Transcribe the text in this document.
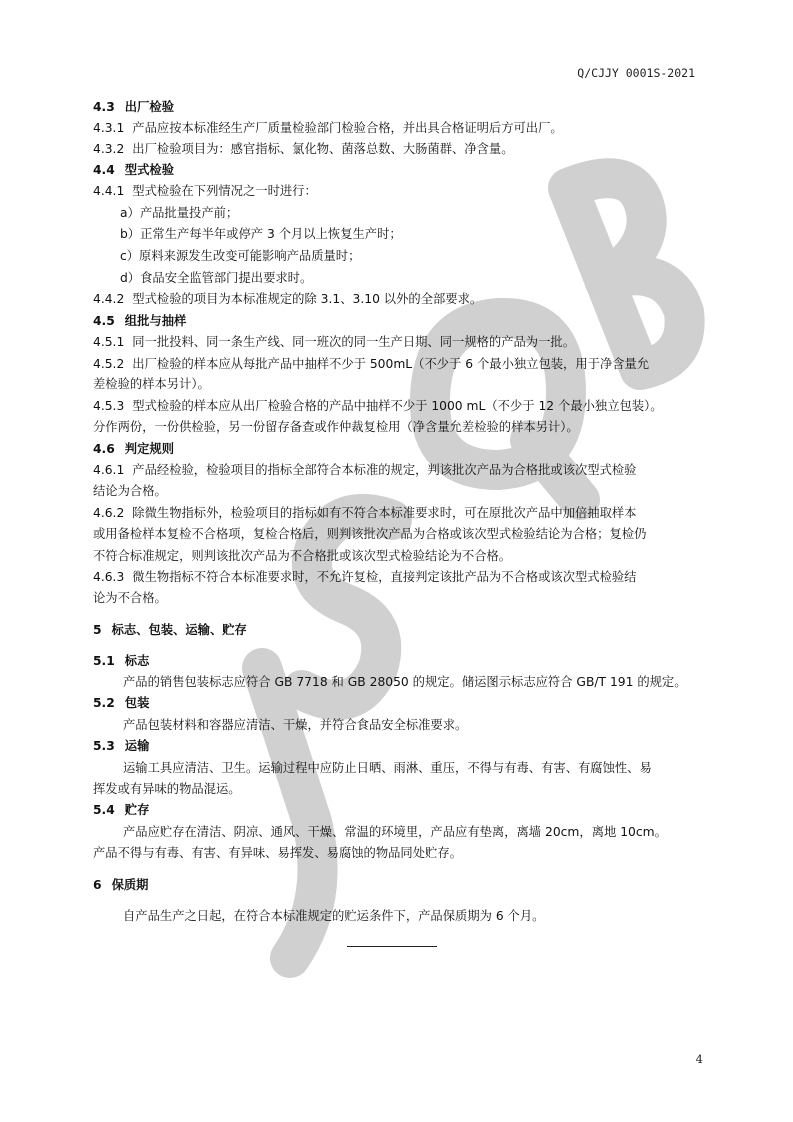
Q/CJJY 0001S-2021
4.3 出厂检验
4.3.1 产品应按本标准经生产厂质量检验部门检验合格，并出具合格证明后方可出厂。
4.3.2 出厂检验项目为：感官指标、氯化物、菌落总数、大肠菌群、净含量。
4.4 型式检验
4.4.1 型式检验在下列情况之一时进行：
a）产品批量投产前；
b）正常生产每半年或停产 3 个月以上恢复生产时；
c）原料来源发生改变可能影响产品质量时；
d）食品安全监管部门提出要求时。
4.4.2 型式检验的项目为本标准规定的除 3.1、3.10 以外的全部要求。
4.5 组批与抽样
4.5.1 同一批投料、同一条生产线、同一班次的同一生产日期、同一规格的产品为一批。
4.5.2 出厂检验的样本应从每批产品中抽样不少于 500mL（不少于 6 个最小独立包装，用于净含量允
差检验的样本另计）。
4.5.3 型式检验的样本应从出厂检验合格的产品中抽样不少于 1000 mL（不少于 12 个最小独立包装）。
分作两份，一份供检验，另一份留存备查或作仲裁复检用（净含量允差检验的样本另计）。
4.6 判定规则
4.6.1 产品经检验，检验项目的指标全部符合本标准的规定，判该批次产品为合格批或该次型式检验
结论为合格。
4.6.2 除微生物指标外，检验项目的指标如有不符合本标准要求时，可在原批次产品中加倍抽取样本
或用备检样本复检不合格项，复检合格后，则判该批次产品为合格或该次型式检验结论为合格；复检仍
不符合标准规定，则判该批次产品为不合格批或该次型式检验结论为不合格。
4.6.3 微生物指标不符合本标准要求时，不允许复检，直接判定该批产品为不合格或该次型式检验结
论为不合格。
5 标志、包装、运输、贮存
5.1 标志
产品的销售包装标志应符合 GB 7718 和 GB 28050 的规定。储运图示标志应符合 GB/T 191 的规定。
5.2 包装
产品包装材料和容器应清洁、干燥，并符合食品安全标准要求。
5.3 运输
运输工具应清洁、卫生。运输过程中应防止日晒、雨淋、重压，不得与有毒、有害、有腐蚀性、易
挥发或有异味的物品混运。
5.4 贮存
产品应贮存在清洁、阴凉、通风、干燥、常温的环境里，产品应有垫离，离墙 20cm，离地 10cm。
产品不得与有毒、有害、有异味、易挥发、易腐蚀的物品同处贮存。
6 保质期
自产品生产之日起，在符合本标准规定的贮运条件下，产品保质期为 6 个月。
4
